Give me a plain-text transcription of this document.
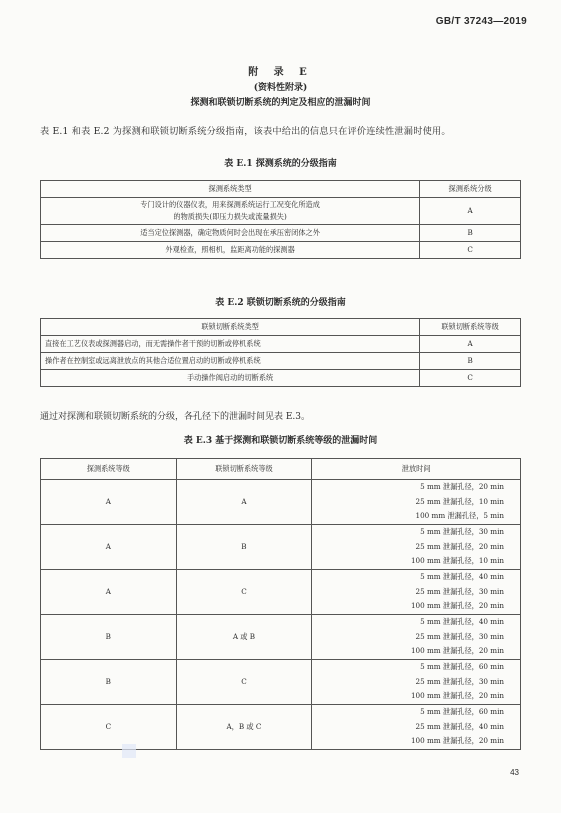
GB/T 37243—2019
附 录 E
(资料性附录)
探测和联锁切断系统的判定及相应的泄漏时间
表 E.1 和表 E.2 为探测和联锁切断系统分级指南，该表中给出的信息只在评价连续性泄漏时使用。
表 E.1 探测系统的分级指南
探测系统类型	探测系统分级

专门设计的仪器仪表，用来探测系统运行工况变化所造成
的物质损失(即压力损失或流量损失)	A
适当定位探测器，确定物质何时会出现在承压密闭体之外	B
外观检查，照相机，监距离功能的探测器	C
表 E.2 联锁切断系统的分级指南
联锁切断系统类型	联锁切断系统等级
直接在工艺仪表或探测器启动，而无需操作者干预的切断或停机系统	A
操作者在控制室或远离泄放点的其他合适位置启动的切断或停机系统	B
手动操作阀启动的切断系统	C
通过对探测和联锁切断系统的分级，各孔径下的泄漏时间见表 E.3。
表 E.3 基于探测和联锁切断系统等级的泄漏时间
探测系统等级	联锁切断系统等级	泄放时间
A	A	5 mm 泄漏孔径，20 min
25 mm 泄漏孔径，10 min
100 mm 泄漏孔径，5 min

A	B	5 mm 泄漏孔径，30 min
25 mm 泄漏孔径，20 min
100 mm 泄漏孔径，10 min

A	C	5 mm 泄漏孔径，40 min
25 mm 泄漏孔径，30 min
100 mm 泄漏孔径，20 min

B	A 或 B	5 mm 泄漏孔径，40 min
25 mm 泄漏孔径，30 min
100 mm 泄漏孔径，20 min

B	C	5 mm 泄漏孔径，60 min
25 mm 泄漏孔径，30 min
100 mm 泄漏孔径，20 min

C	A，B 或 C	5 mm 泄漏孔径，60 min
25 mm 泄漏孔径，40 min
100 mm 泄漏孔径，20 min
43
